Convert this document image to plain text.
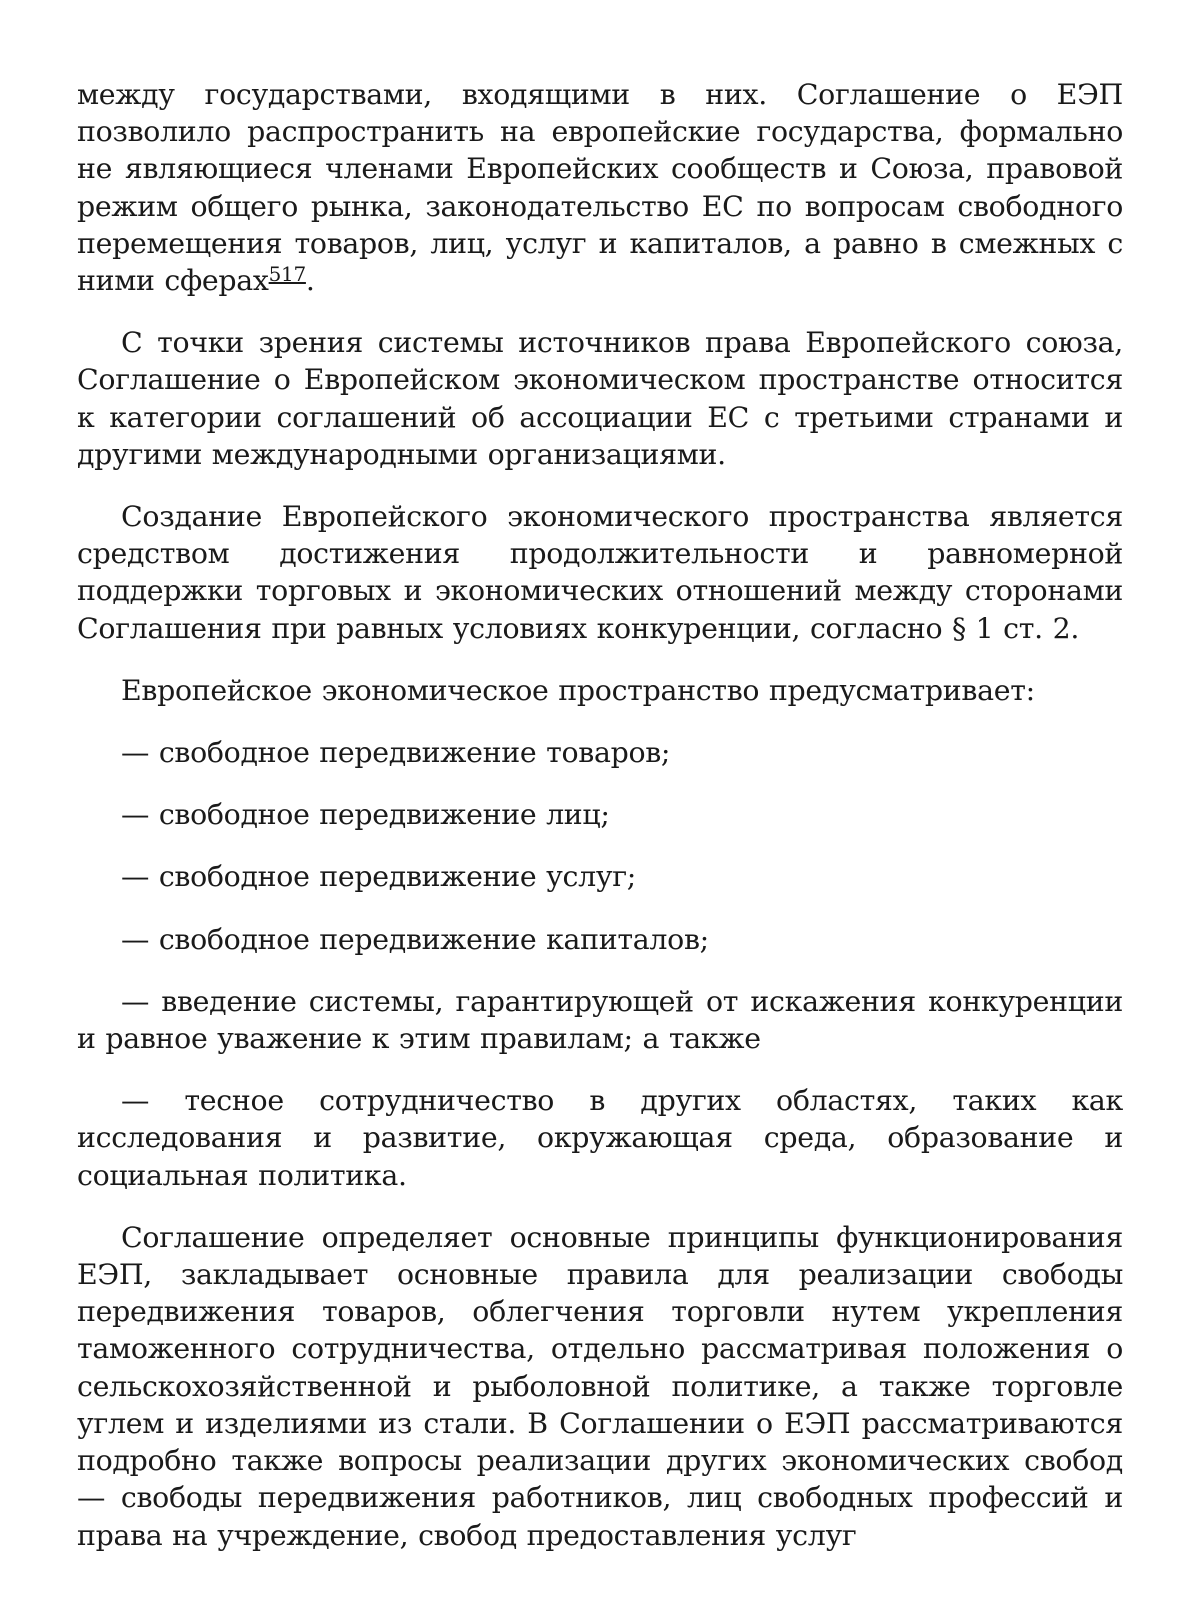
между государствами, входящими в них. Соглашение о ЕЭП позволило распространить на европейские государства, формально не являющиеся членами Европейских сообществ и Союза, правовой режим общего рынка, законодательство ЕС по вопросам свободного перемещения товаров, лиц, услуг и капиталов, а равно в смежных с ними сферах$^{517}$.

С точки зрения системы источников права Европейского союза, Соглашение о Европейском экономическом пространстве относится к категории соглашений об ассоциации ЕС с третьими странами и другими международными организациями.

Создание Европейского экономического пространства является средством достижения продолжительности и равномерной поддержки торговых и экономических отношений между сторонами Соглашения при равных условиях конкуренции, согласно § 1 ст. 2.

Европейское экономическое пространство предусматривает:

— свободное передвижение товаров;

— свободное передвижение лиц;

— свободное передвижение услуг;

— свободное передвижение капиталов;

— введение системы, гарантирующей от искажения конкуренции и равное уважение к этим правилам; а также

— тесное сотрудничество в других областях, таких как исследования и развитие, окружающая среда, образование и социальная политика.

Соглашение определяет основные принципы функционирования ЕЭП, закладывает основные правила для реализации свободы передвижения товаров, облегчения торговли нутем укрепления таможенного сотрудничества, отдельно рассматривая положения о сельскохозяйственной и рыболовной политике, а также торговле углем и изделиями из стали. В Соглашении о ЕЭП рассматриваются подробно также вопросы реализации других экономических свобод — свободы передвижения работников, лиц свободных профессий и права на учреждение, свобод предоставления услуг
